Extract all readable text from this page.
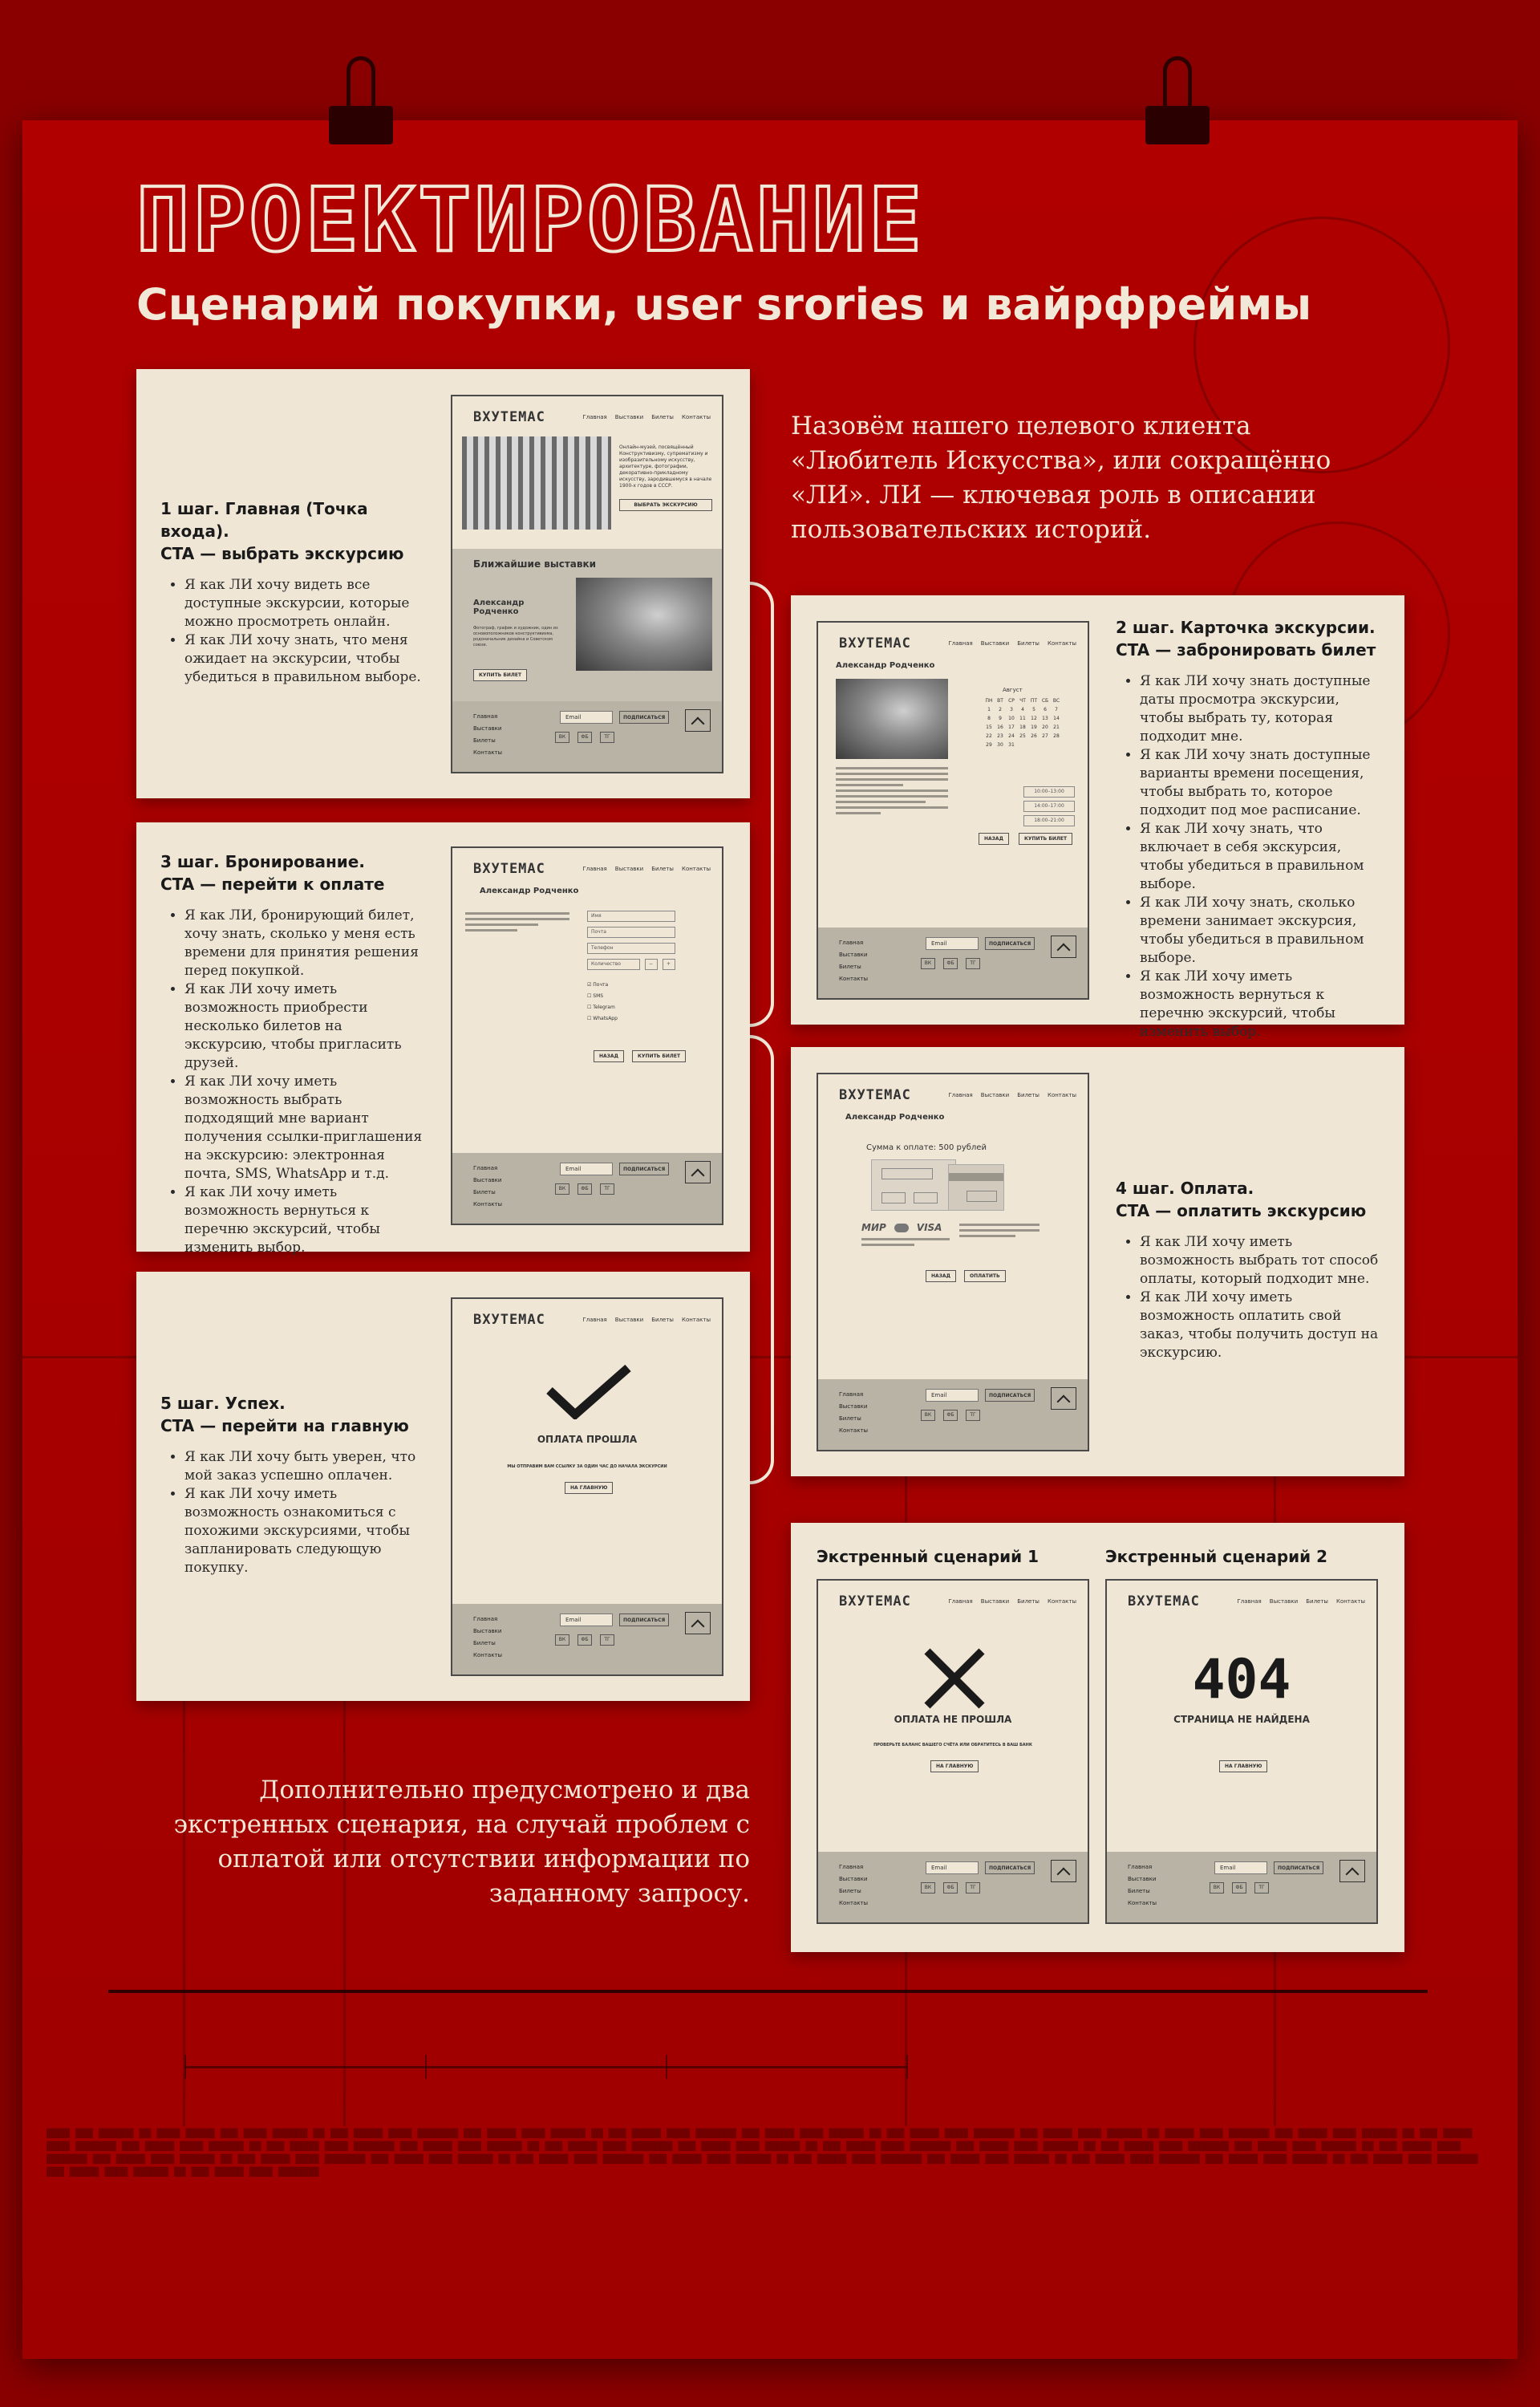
▇▇▇▇ ▇▇▇ ▇▇▇▇▇▇ ▇▇ ▇▇▇▇ ▇▇▇▇▇ ▇▇▇ ▇▇▇▇ ▇▇▇▇▇▇ ▇▇ ▇▇▇ ▇▇▇▇▇ ▇▇▇▇ ▇▇▇▇▇▇▇ ▇▇▇ ▇▇▇▇▇ ▇▇▇▇ ▇▇▇▇▇▇ ▇▇ ▇▇▇ ▇▇▇▇▇ ▇▇▇▇ ▇▇▇▇▇▇▇ ▇▇▇ ▇▇▇▇▇ ▇▇▇▇ ▇▇▇▇▇▇ ▇▇ ▇▇▇ ▇▇▇▇▇ ▇▇▇▇ ▇▇▇▇▇▇▇ ▇▇▇ ▇▇▇▇▇ ▇▇▇▇ ▇▇▇▇▇▇ ▇▇ ▇▇▇▇▇ ▇▇▇▇ ▇▇▇▇▇▇▇ ▇▇▇ ▇▇▇▇▇ ▇▇▇▇ ▇▇▇▇▇▇ ▇▇ ▇▇▇ ▇▇▇▇▇ ▇▇▇▇ ▇▇▇▇▇▇▇ ▇▇▇ ▇▇▇▇▇ ▇▇▇▇ ▇▇▇▇▇▇ ▇▇ ▇▇▇ ▇▇▇▇▇ ▇▇▇▇ ▇▇▇▇▇▇▇ ▇▇▇ ▇▇▇▇▇ ▇▇▇▇ ▇▇▇▇▇▇ ▇▇ ▇▇▇ ▇▇▇▇▇ ▇▇▇▇ ▇▇▇▇▇▇▇ ▇▇▇ ▇▇▇▇▇ ▇▇▇▇ ▇▇▇▇▇▇ ▇▇ ▇▇▇ ▇▇▇▇▇ ▇▇▇▇ ▇▇▇▇▇▇▇ ▇▇▇ ▇▇▇▇▇ ▇▇▇▇ ▇▇▇▇▇▇ ▇▇ ▇▇▇ ▇▇▇▇▇ ▇▇▇▇ ▇▇▇▇▇▇▇ ▇▇▇ ▇▇▇▇▇ ▇▇▇▇ ▇▇▇▇▇▇ ▇▇ ▇▇▇ ▇▇▇▇▇ ▇▇▇▇ ▇▇▇▇▇▇▇ ▇▇▇ ▇▇▇▇▇ ▇▇▇▇ ▇▇▇▇▇▇ ▇▇ ▇▇▇ ▇▇▇▇▇ ▇▇▇▇ ▇▇▇▇▇▇▇ ▇▇▇ ▇▇▇▇▇ ▇▇▇▇ ▇▇▇▇▇▇ ▇▇ ▇▇▇ ▇▇▇▇▇ ▇▇▇▇ ▇▇▇▇▇▇▇ ▇▇▇ ▇▇▇▇▇ ▇▇▇▇ ▇▇▇▇▇▇ ▇▇ ▇▇▇ ▇▇▇▇▇ ▇▇▇▇ ▇▇▇▇▇▇▇ ▇▇▇ ▇▇▇▇▇ ▇▇▇▇ ▇▇▇▇▇▇ ▇▇ ▇▇▇ ▇▇▇▇▇ ▇▇▇▇ ▇▇▇▇▇▇▇ ▇▇▇ ▇▇▇▇▇ ▇▇▇▇ ▇▇▇▇▇▇ ▇▇ ▇▇▇ ▇▇▇▇▇ ▇▇▇▇ ▇▇▇▇▇▇▇ ▇▇▇ ▇▇▇▇▇ ▇▇▇▇ ▇▇▇▇▇▇ ▇▇ ▇▇▇ ▇▇▇▇▇ ▇▇▇▇ ▇▇▇▇▇▇▇
ПРОЕКТИРОВАНИЕ
Сценарий покупки, user srories и вайрфреймы
Назовём нашего целевого клиента «Любитель Искусства», или сокращённо «ЛИ». ЛИ — ключевая роль в описании пользовательских историй.
Дополнительно предусмотрено и два экстренных сценария, на случай проблем с оплатой или отсутствии информации по заданному запросу.
1 шаг. Главная (Точка входа).
CTA — выбрать экскурсию
• Я как ЛИ хочу видеть все доступные экскурсии, которые можно просмотреть онлайн.
• Я как ЛИ хочу знать, что меня ожидает на экскурсии, чтобы убедиться в правильном выборе.
ВХУТЕМАС	Главная Выставки Билеты Контакты
Онлайн-музей, посвящённый Конструктивизму, супрематизму и изобразительному искусству, архитектуре, фотографии, декоративно-прикладному искусству, зародившемуся в начале 1900-х годов в СССР.
ВЫБРАТЬ ЭКСКУРСИЮ
Ближайшие выставки
Александр Родченко
Фотограф, график и художник, один из основоположников конструктивизма, родоначальник дизайна и Советском союзе.
КУПИТЬ БИЛЕТ
Главная
Выставки
Билеты
Контакты
Email	ПОДПИСАТЬСЯ
ВК	ФБ	ТГ
3 шаг. Бронирование.
CTA — перейти к оплате
• Я как ЛИ, бронирующий билет, хочу знать, сколько у меня есть времени для принятия решения перед покупкой.
• Я как ЛИ хочу иметь возможность приобрести несколько билетов на экскурсию, чтобы пригласить друзей.
• Я как ЛИ хочу иметь возможность выбрать подходящий мне вариант получения ссылки-приглашения на экскурсию: электронная почта, SMS, WhatsApp и т.д.
• Я как ЛИ хочу иметь возможность вернуться к перечню экскурсий, чтобы изменить выбор.
ВХУТЕМАС	Главная Выставки Билеты Контакты
Александр Родченко
Имя
Почта
Телефон
Количество	−	+
☑ Почта
☐ SMS
☐ Telegram
☐ WhatsApp
НАЗАД	КУПИТЬ БИЛЕТ
Главная
Выставки
Билеты
Контакты
Email	ПОДПИСАТЬСЯ
ВК	ФБ	ТГ
5 шаг. Успех.
CTA — перейти на главную
• Я как ЛИ хочу быть уверен, что мой заказ успешно оплачен.
• Я как ЛИ хочу иметь возможность ознакомиться с похожими экскурсиями, чтобы запланировать следующую покупку.
ВХУТЕМАС	Главная Выставки Билеты Контакты
ОПЛАТА ПРОШЛА
МЫ ОТПРАВИМ ВАМ ССЫЛКУ ЗА ОДИН ЧАС ДО НАЧАЛА ЭКСКУРСИИ
НА ГЛАВНУЮ
Главная
Выставки
Билеты
Контакты
Email	ПОДПИСАТЬСЯ
ВК	ФБ	ТГ
ВХУТЕМАС	Главная Выставки Билеты Контакты
Александр Родченко
Август
ПН ВТ	СР	ЧТ	ПТ СБ ВС
1	2	3	4	5	6	7
8	9	10	11	12	13	14
15	16	17	18	19	20	21
22	23	24	25	26	27	28
29	30	31
10:00–13:00
14:00–17:00
18:00–21:00
НАЗАД	КУПИТЬ БИЛЕТ
Главная
Выставки
Билеты
Контакты
Email	ПОДПИСАТЬСЯ
ВК	ФБ	ТГ
2 шаг. Карточка экскурсии.
CTA — забронировать билет
• Я как ЛИ хочу знать доступные даты просмотра экскурсии, чтобы выбрать ту, которая подходит мне.
• Я как ЛИ хочу знать доступные варианты времени посещения, чтобы выбрать то, которое подходит под мое расписание.
• Я как ЛИ хочу знать, что включает в себя экскурсия, чтобы убедиться в правильном выборе.
• Я как ЛИ хочу знать, сколько времени занимает экскурсия, чтобы убедиться в правильном выборе.
• Я как ЛИ хочу иметь возможность вернуться к перечню экскурсий, чтобы изменить выбор.
ВХУТЕМАС	Главная Выставки Билеты Контакты
Александр Родченко
Сумма к оплате: 500 рублей
МИР	VISA
НАЗАД	ОПЛАТИТЬ
Главная
Выставки
Билеты
Контакты
Email	ПОДПИСАТЬСЯ
ВК	ФБ	ТГ
4 шаг. Оплата.
CTA — оплатить экскурсию
• Я как ЛИ хочу иметь возможность выбрать тот способ оплаты, который подходит мне.
• Я как ЛИ хочу иметь возможность оплатить свой заказ, чтобы получить доступ на экскурсию.
Экстренный сценарий 1	Экстренный сценарий 2
ВХУТЕМАС	Главная Выставки Билеты Контакты
ОПЛАТА НЕ ПРОШЛА
ПРОВЕРЬТЕ БАЛАНС ВАШЕГО СЧЁТА ИЛИ ОБРАТИТЕСЬ В ВАШ БАНК
НА ГЛАВНУЮ
Главная
Выставки
Билеты
Контакты
Email	ПОДПИСАТЬСЯ
ВК	ФБ	ТГ
ВХУТЕМАС	Главная Выставки Билеты Контакты
404
СТРАНИЦА НЕ НАЙДЕНА
НА ГЛАВНУЮ
Главная
Выставки
Билеты
Контакты
Email	ПОДПИСАТЬСЯ
ВК	ФБ	ТГ
